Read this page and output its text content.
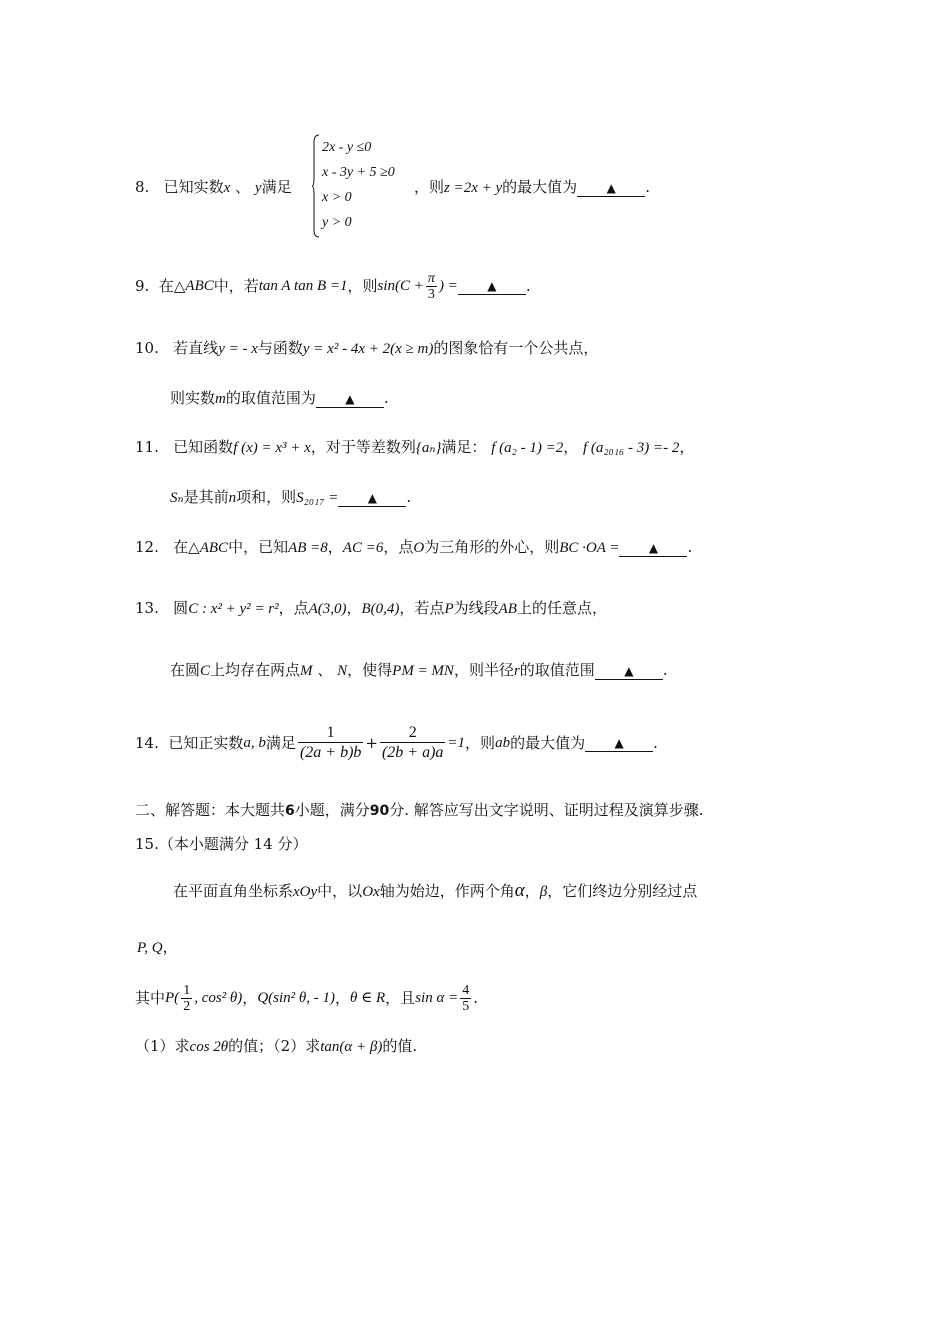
8. 已知实数x 、 y满足
2x - y ≤0
x - 3y + 5 ≥0
x > 0
y > 0
，则z =2x + y的最大值为 ▲ .
9.
在△ ABC 中，若 tan A tan B =1 ，则 $\sin(C + \frac{\pi}{3}$ ) =	▲	.
10. 若直线y = - x与函数y = x² - 4x + 2(x ≥ m)的图象恰有一个公共点，
则实数m的取值范围为 ▲ .
11. 已知函数f (x) = x³ + x，对于等差数列{aₙ}满足： f (a₂ - 1) =2， f (a₂₀₁₆ - 3) =- 2，
Sₙ是其前n项和，则S₂₀₁₇ = ▲ .
12. 在△ABC中，已知AB =8，AC =6，点O为三角形的外心，则BC ·OA = ▲ .
13. 圆C : x² + y² = r²，点A(3,0)，B(0,4)，若点P为线段AB上的任意点，
在圆C上均存在两点M 、 N，使得PM = MN，则半径r的取值范围 ▲ .
14.
已知正实数 a, b 满足 $\frac{1}{(2a + b)b} + \frac{2}{(2b + a)a} =1$ ，则 ab 的最大值为	▲	.
二、解答题：本大题共6小题，满分90分. 解答应写出文字说明、证明过程及演算步骤.
15.（本小题满分 14 分）
在平面直角坐标系xOy中，以Ox轴为始边，作两个角α，β，它们终边分别经过点
P, Q，
其中 $P( \frac{1}{2}$ , cos² θ) ， Q(sin² θ, - 1) ， θ ∈ R ，且 $\sin \alpha = \frac{4}{5}$ .
（1）求cos 2θ的值；（2）求tan(α + β)的值.
